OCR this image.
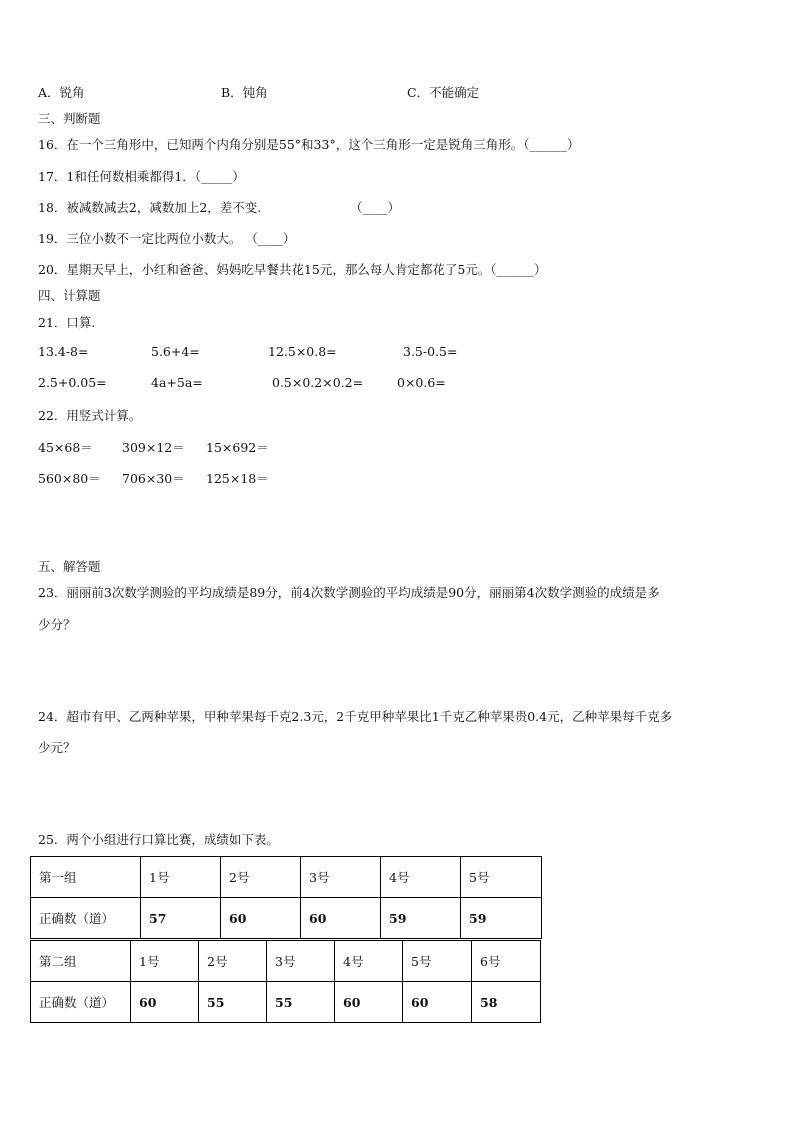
A．锐角	B．钝角	C．不能确定
三、判断题
16．在一个三角形中，已知两个内角分别是55°和33°，这个三角形一定是锐角三角形。（______）
17．1和任何数相乘都得1．（_____）
18．被减数减去2，减数加上2，差不变.	（____）
19．三位小数不一定比两位小数大。 （____）
20．星期天早上，小红和爸爸、妈妈吃早餐共花15元，那么每人肯定都花了5元。（______）
四、计算题
21．口算.
13.4-8=	5.6+4=	12.5×0.8=	3.5-0.5=
2.5+0.05=	4a+5a=	0.5×0.2×0.2=	0×0.6=
22．用竖式计算。
45×68＝ 309×12＝ 15×692＝
560×80＝ 706×30＝ 125×18＝
五、解答题
23．丽丽前3次数学测验的平均成绩是89分，前4次数学测验的平均成绩是90分，丽丽第4次数学测验的成绩是多
少分？
24．超市有甲、乙两种苹果，甲种苹果每千克2.3元，2千克甲种苹果比1千克乙种苹果贵0.4元，乙种苹果每千克多
少元？
25．两个小组进行口算比赛，成绩如下表。
第一组	1号	2号	3号	4号	5号
正确数（道）	57	60	60	59	59
第二组	1号	2号	3号	4号	5号	6号
正确数（道）	60	55	55	60	60	58
